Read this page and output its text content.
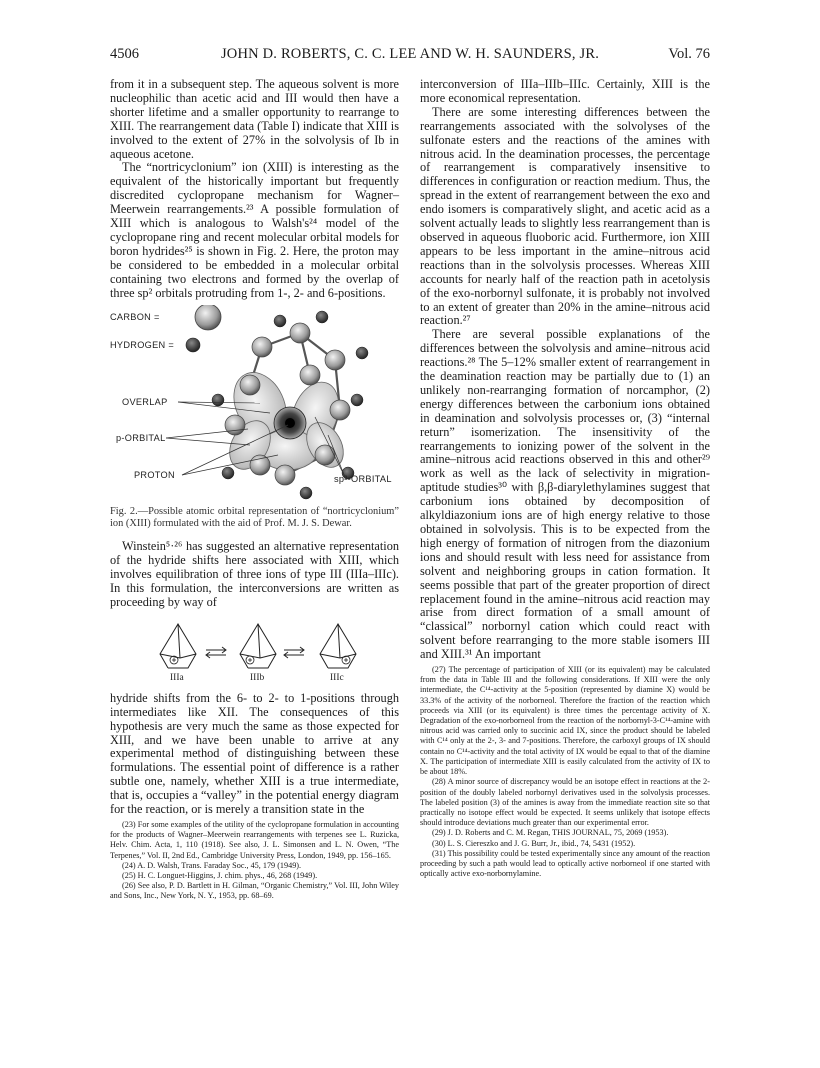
4506	JOHN D. ROBERTS, C. C. LEE AND W. H. SAUNDERS, JR.	Vol. 76

from it in a subsequent step. The aqueous solvent is more nucleophilic than acetic acid and III would then have a shorter lifetime and a smaller opportunity to rearrange to XIII. The rearrangement data (Table I) indicate that XIII is involved to the extent of 27% in the solvolysis of Ib in aqueous acetone.

The “nortricyclonium” ion (XIII) is interesting as the equivalent of the historically important but frequently discredited cyclopropane mechanism for Wagner–Meerwein rearrangements.²³ A possible formulation of XIII which is analogous to Walsh's²⁴ model of the cyclopropane ring and recent molecular orbital models for boron hydrides²⁵ is shown in Fig. 2. Here, the proton may be considered to be embedded in a molecular orbital containing two electrons and formed by the overlap of three sp² orbitals protruding from 1-, 2- and 6-positions.

CARBON =
HYDROGEN =
OVERLAP
p-ORBITAL
PROTON	sp²-ORBITAL

Fig. 2.—Possible atomic orbital representation of “nortricyclonium” ion (XIII) formulated with the aid of Prof. M. J. S. Dewar.

Winstein⁵·²⁶ has suggested an alternative representation of the hydride shifts here associated with XIII, which involves equilibration of three ions of type III (IIIa–IIIc). In this formulation, the interconversions are written as proceeding by way of

IIIa	IIIb	IIIc

hydride shifts from the 6- to 2- to 1-positions through intermediates like XII. The consequences of this hypothesis are very much the same as those expected for XIII, and we have been unable to arrive at any experimental method of distinguishing between these formulations. The essential point of difference is a rather subtle one, namely, whether XIII is a true intermediate, that is, occupies a “valley” in the potential energy diagram for the reaction, or is merely a transition state in the

(23) For some examples of the utility of the cyclopropane formulation in accounting for the products of Wagner–Meerwein rearrangements with terpenes see L. Ruzicka, Helv. Chim. Acta, 1, 110 (1918). See also, J. L. Simonsen and L. N. Owen, “The Terpenes,” Vol. II, 2nd Ed., Cambridge University Press, London, 1949, pp. 156–165.

(24) A. D. Walsh, Trans. Faraday Soc., 45, 179 (1949).

(25) H. C. Longuet-Higgins, J. chim. phys., 46, 268 (1949).

(26) See also, P. D. Bartlett in H. Gilman, “Organic Chemistry,” Vol. III, John Wiley and Sons, Inc., New York, N. Y., 1953, pp. 68–69.

interconversion of IIIa–IIIb–IIIc. Certainly, XIII is the more economical representation.

There are some interesting differences between the rearrangements associated with the solvolyses of the sulfonate esters and the reactions of the amines with nitrous acid. In the deamination processes, the percentage of rearrangement is comparatively insensitive to differences in configuration or reaction medium. Thus, the spread in the extent of rearrangement between the exo and endo isomers is comparatively slight, and acetic acid as a solvent actually leads to slightly less rearrangement than is observed in aqueous fluoboric acid. Furthermore, ion XIII appears to be less important in the amine–nitrous acid reactions than in the solvolysis processes. Whereas XIII accounts for nearly half of the reaction path in acetolysis of the exo-norbornyl sulfonate, it is probably not involved to an extent of greater than 20% in the amine–nitrous acid reaction.²⁷

There are several possible explanations of the differences between the solvolysis and amine–nitrous acid reactions.²⁸ The 5–12% smaller extent of rearrangement in the deamination reaction may be partially due to (1) an unlikely non-rearranging formation of norcamphor, (2) energy differences between the carbonium ions obtained in deamination and solvolysis processes or, (3) “internal return” isomerization. The insensitivity of the rearrangements to ionizing power of the solvent in the amine–nitrous acid reactions observed in this and other²⁹ work as well as the lack of selectivity in migration-aptitude studies³⁰ with β,β-diarylethylamines suggest that carbonium ions obtained by decomposition of alkyldiazonium ions are of high energy relative to those obtained in solvolysis. This is to be expected from the high energy of formation of nitrogen from the diazonium ions and should result with less need for assistance from solvent and neighboring groups in cation formation. It seems possible that part of the greater proportion of direct replacement found in the amine–nitrous acid reaction may arise from direct formation of a small amount of “classical” norbornyl cation which could react with solvent before rearranging to the more stable isomers III and XIII.³¹ An important

(27) The percentage of participation of XIII (or its equivalent) may be calculated from the data in Table III and the following considerations. If XIII were the only intermediate, the C¹⁴-activity at the 5-position (represented by diamine X) would be 33.3% of the activity of the norborneol. Therefore the fraction of the reaction which proceeds via XIII (or its equivalent) is three times the percentage activity of X. Degradation of the exo-norborneol from the reaction of the norbornyl-3-C¹⁴-amine with nitrous acid was carried only to succinic acid IX, since the product should be labeled with C¹⁴ only at the 2-, 3- and 7-positions. Therefore, the carboxyl groups of IX should contain no C¹⁴-activity and the total activity of IX would be equal to that of the diamine X. The participation of intermediate XIII is easily calculated from the activity of IX to be about 18%.

(28) A minor source of discrepancy would be an isotope effect in reactions at the 2-position of the doubly labeled norbornyl derivatives used in the solvolysis processes. The labeled position (3) of the amines is away from the immediate reaction site so that practically no isotope effect would be expected. It seems unlikely that isotope effects should introduce deviations much greater than our experimental error.

(29) J. D. Roberts and C. M. Regan, THIS JOURNAL, 75, 2069 (1953).

(30) L. S. Ciereszko and J. G. Burr, Jr., ibid., 74, 5431 (1952).

(31) This possibility could be tested experimentally since any amount of the reaction proceeding by such a path would lead to optically active norborneol if one started with optically active exo-norbornylamine.
